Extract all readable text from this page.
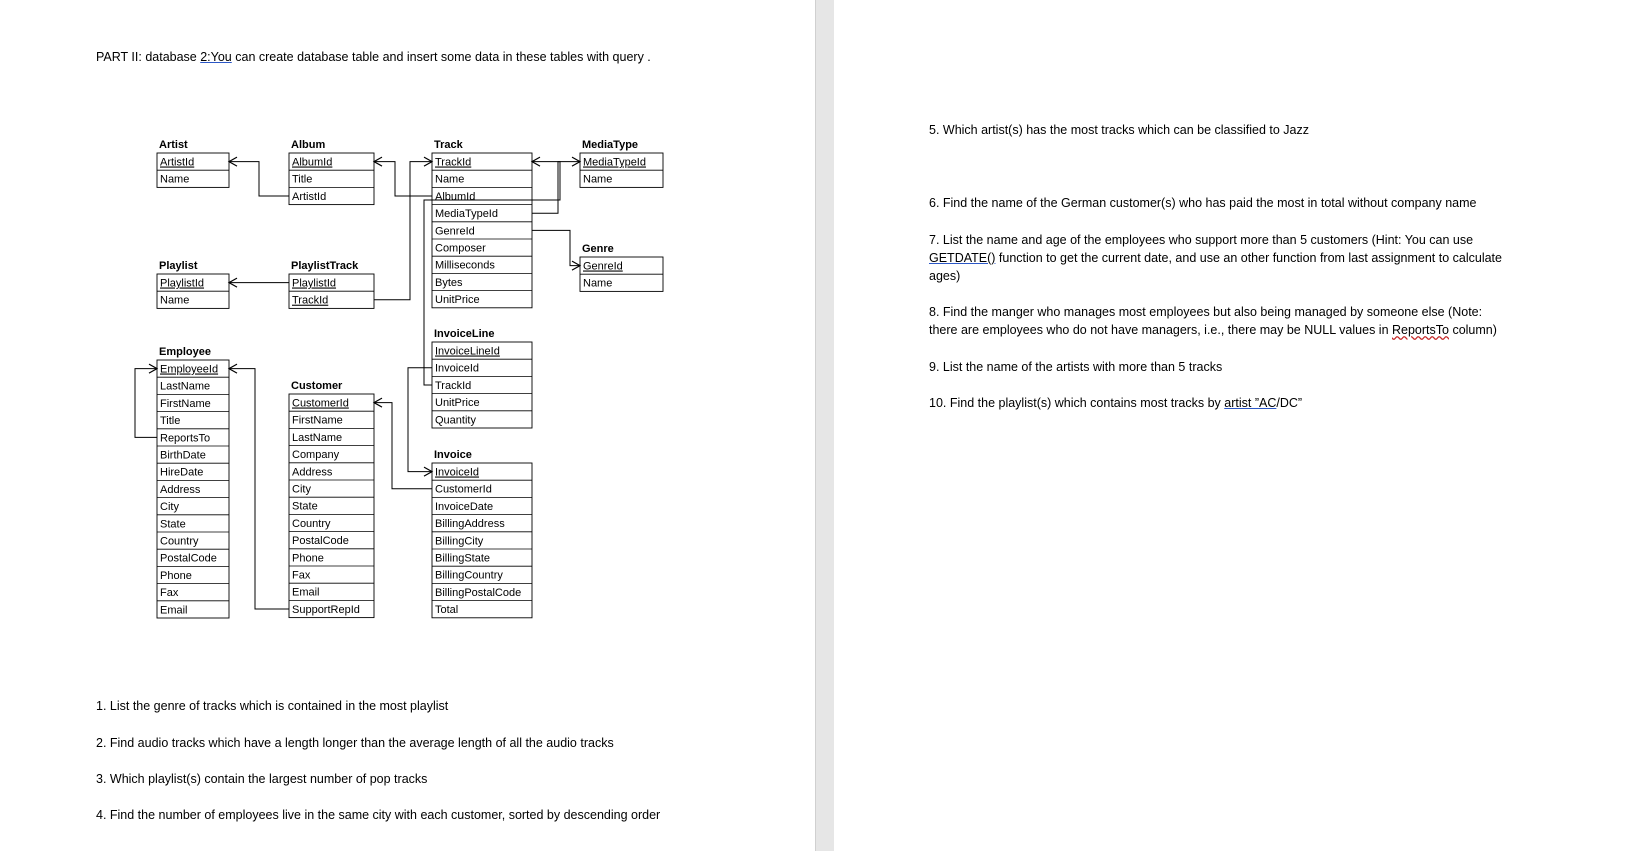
PART II: database 2:You can create database table and insert some data in these tables with query .
Artist
ArtistId
Name
Album
AlbumId
Title
ArtistId
Track
TrackId
Name
AlbumId
MediaTypeId
GenreId
Composer
Milliseconds
Bytes
UnitPrice
MediaType
MediaTypeId
Name
Genre
GenreId
Name
Playlist
PlaylistId
Name
PlaylistTrack
PlaylistId
TrackId
InvoiceLine
InvoiceLineId
InvoiceId
TrackId
UnitPrice
Quantity
Employee
EmployeeId
LastName
FirstName
Title
ReportsTo
BirthDate
HireDate
Address
City
State
Country
PostalCode
Phone
Fax
Email
Customer
CustomerId
FirstName
LastName
Company
Address
City
State
Country
PostalCode
Phone
Fax
Email
SupportRepId
Invoice
InvoiceId
CustomerId
InvoiceDate
BillingAddress
BillingCity
BillingState
BillingCountry
BillingPostalCode
Total
1. List the genre of tracks which is contained in the most playlist
2. Find audio tracks which have a length longer than the average length of all the audio tracks
3. Which playlist(s) contain the largest number of pop tracks
4. Find the number of employees live in the same city with each customer, sorted by descending order
5. Which artist(s) has the most tracks which can be classified to Jazz
6. Find the name of the German customer(s) who has paid the most in total without company name
7. List the name and age of the employees who support more than 5 customers (Hint: You can use
GETDATE() function to get the current date, and use an other function from last assignment to calculate
ages)
8. Find the manger who manages most employees but also being managed by someone else (Note:
there are employees who do not have managers, i.e., there may be NULL values in ReportsTo column)
9. List the name of the artists with more than 5 tracks
10. Find the playlist(s) which contains most tracks by artist ”AC/DC”
